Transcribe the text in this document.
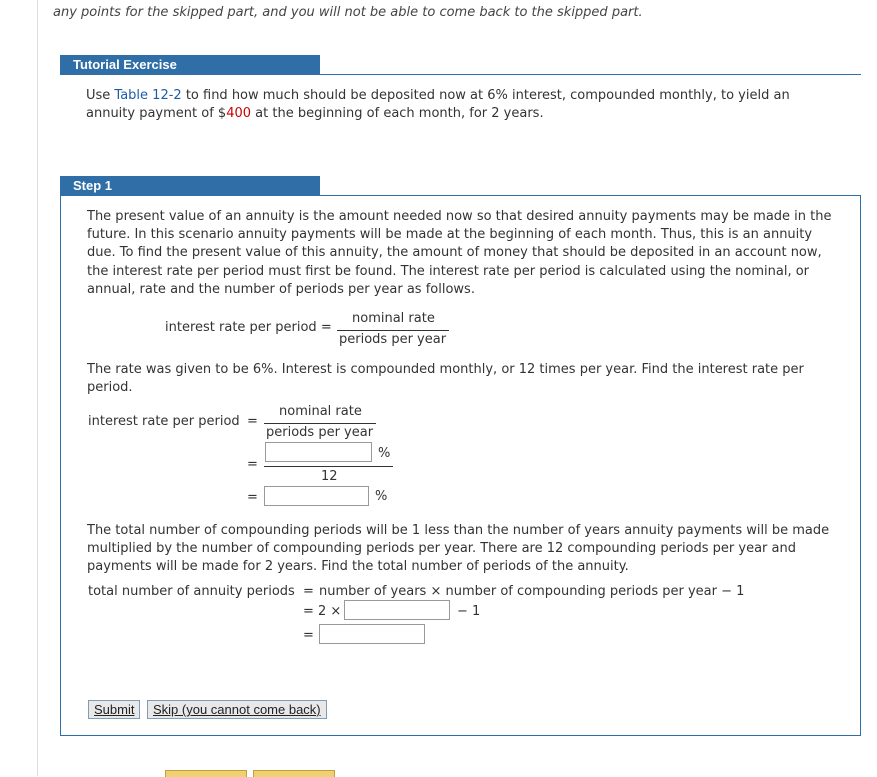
any points for the skipped part, and you will not be able to come back to the skipped part.
Tutorial Exercise
Use Table 12-2 to find how much should be deposited now at 6% interest, compounded monthly, to yield an annuity payment of $400 at the beginning of each month, for 2 years.
Step 1
The present value of an annuity is the amount needed now so that desired annuity payments may be made in the future. In this scenario annuity payments will be made at the beginning of each month. Thus, this is an annuity due. To find the present value of this annuity, the amount of money that should be deposited in an account now, the interest rate per period must first be found. The interest rate per period is calculated using the nominal, or annual, rate and the number of periods per year as follows.
interest rate per period =
nominal rate
periods per year
The rate was given to be 6%. Interest is compounded monthly, or 12 times per year. Find the interest rate per period.
interest rate per period =
nominal rate
periods per year
=
%
12
=	%
The total number of compounding periods will be 1 less than the number of years annuity payments will be made multiplied by the number of compounding periods per year. There are 12 compounding periods per year and payments will be made for 2 years. Find the total number of periods of the annuity.
total number of annuity periods = number of years × number of compounding periods per year − 1
= 2 ×	− 1
=
Submit	Skip (you cannot come back)
